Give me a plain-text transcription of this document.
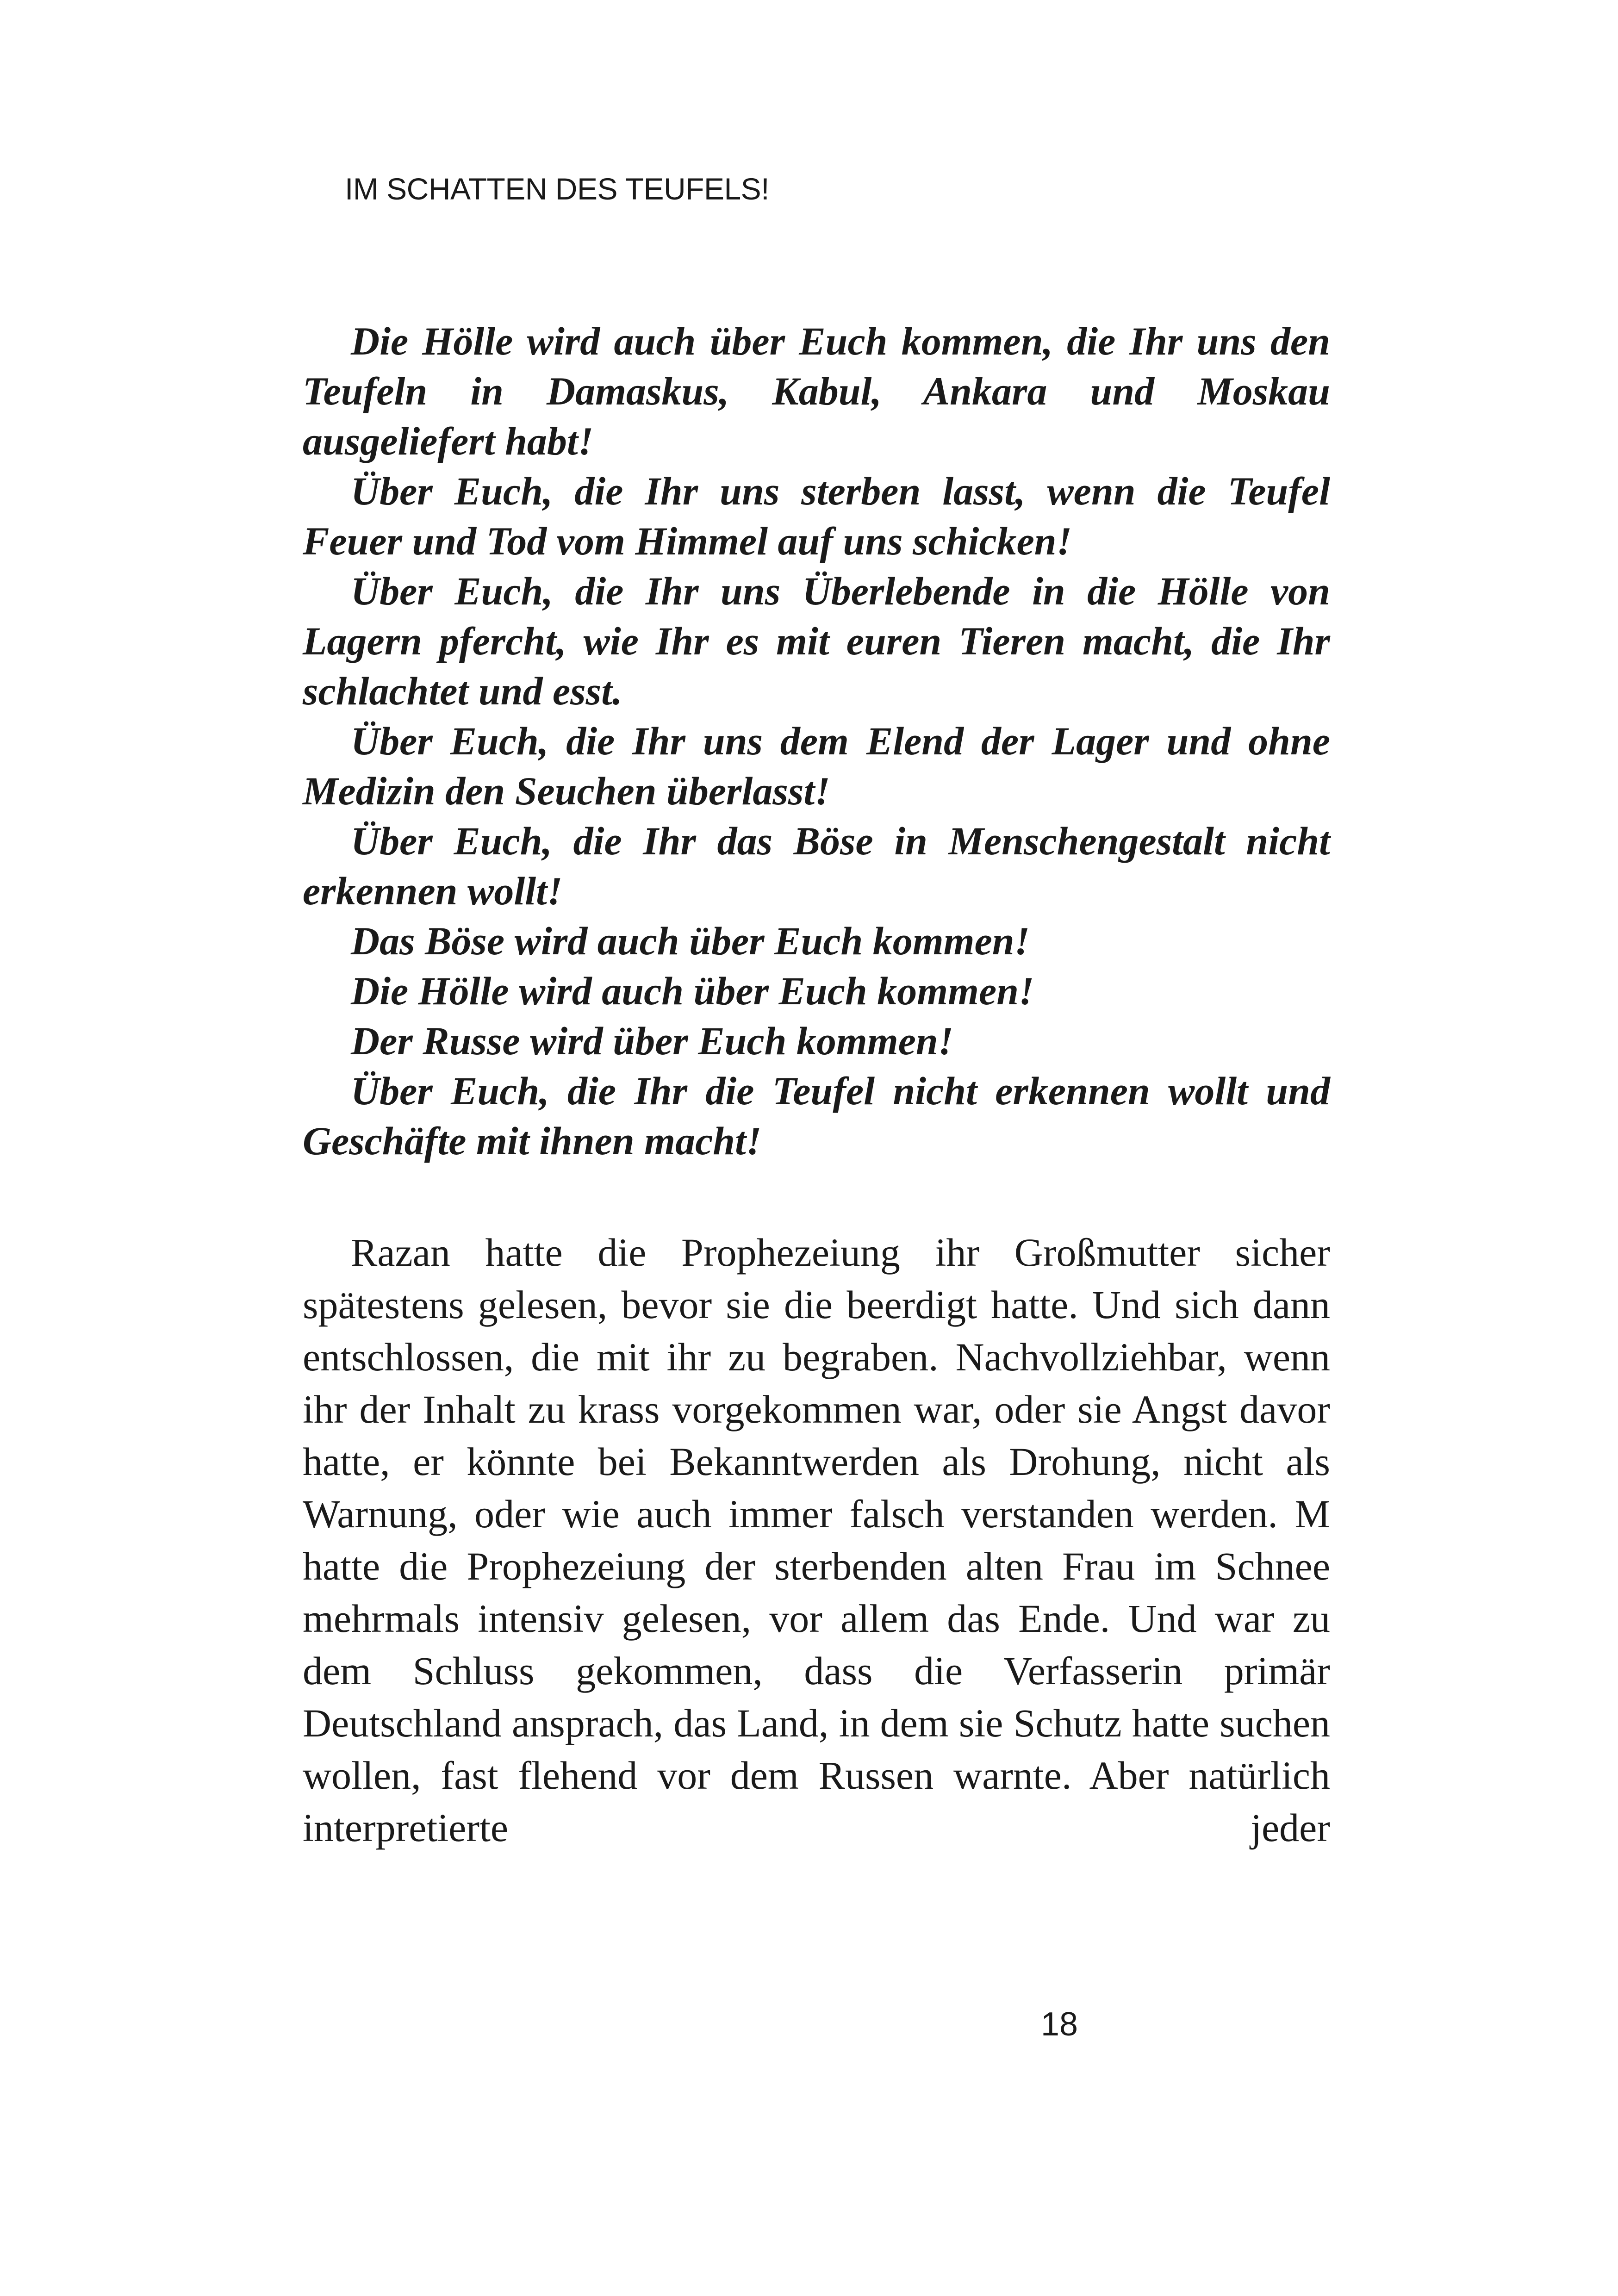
IM SCHATTEN DES TEUFELS!

Die Hölle wird auch über Euch kommen, die Ihr uns den Teufeln in Damaskus, Kabul, Ankara und Moskau ausgeliefert habt!

Über Euch, die Ihr uns sterben lasst, wenn die Teufel Feuer und Tod vom Himmel auf uns schicken!

Über Euch, die Ihr uns Überlebende in die Hölle von Lagern pfercht, wie Ihr es mit euren Tieren macht, die Ihr schlachtet und esst.

Über Euch, die Ihr uns dem Elend der Lager und ohne Medizin den Seuchen überlasst!

Über Euch, die Ihr das Böse in Menschengestalt nicht erkennen wollt!

Das Böse wird auch über Euch kommen!

Die Hölle wird auch über Euch kommen!

Der Russe wird über Euch kommen!

Über Euch, die Ihr die Teufel nicht erkennen wollt und Geschäfte mit ihnen macht!

Razan hatte die Prophezeiung ihr Großmutter sicher spätestens gelesen, bevor sie die beerdigt hatte. Und sich dann entschlossen, die mit ihr zu begraben. Nachvollziehbar, wenn ihr der Inhalt zu krass vorgekommen war, oder sie Angst davor hatte, er könnte bei Bekanntwerden als Drohung, nicht als Warnung, oder wie auch immer falsch verstanden werden. M hatte die Prophezeiung der sterbenden alten Frau im Schnee mehrmals intensiv gelesen, vor allem das Ende. Und war zu dem Schluss gekommen, dass die Verfasserin primär Deutschland ansprach, das Land, in dem sie Schutz hatte suchen wollen, fast flehend vor dem Russen warnte. Aber natürlich interpretierte jeder

18
